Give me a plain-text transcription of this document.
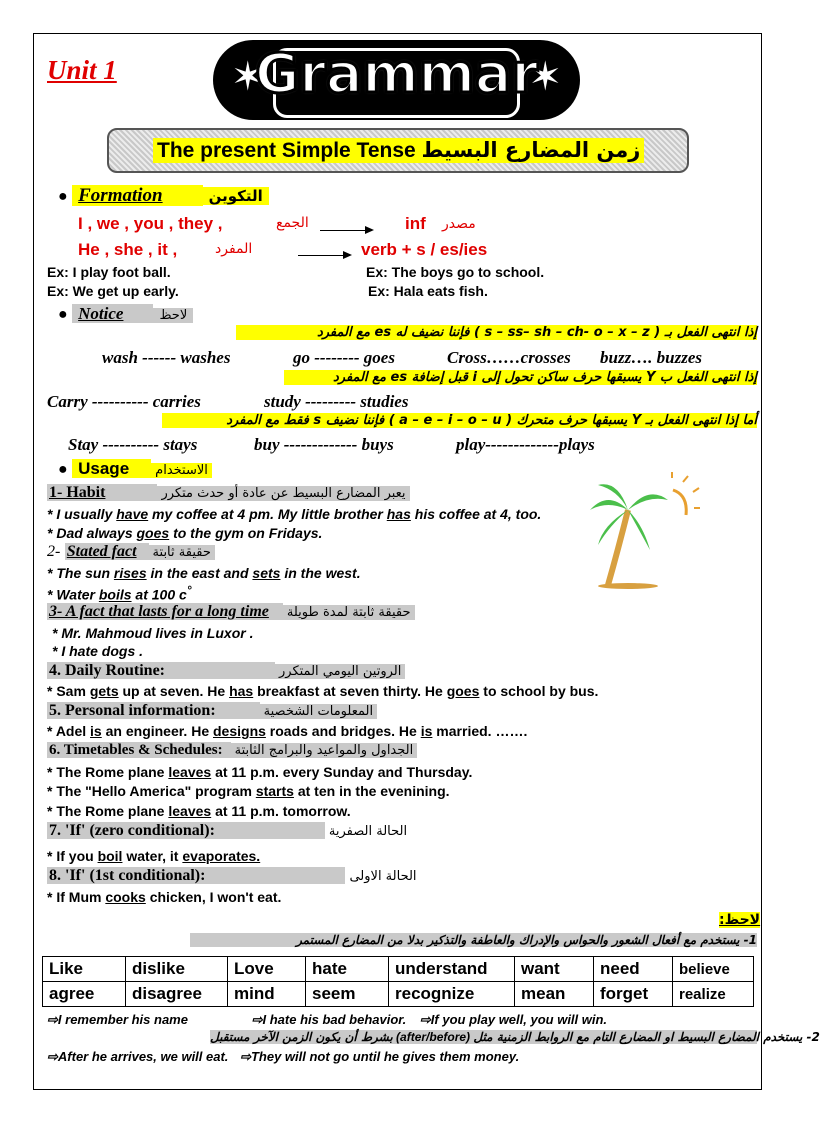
Unit 1	✶	✶
Grammar
The present Simple Tense زمن المضارع البسيط
● Formation	التكوين
I , we , you , they ,	الجمع	inf مصدر
He , she , it ,	المفرد	verb + s / es/ies
Ex: I play foot ball.	Ex: The boys go to school.
Ex: We get up early.	Ex: Hala eats fish.
● Notice	لاحظ
إذا انتهى الفعل بـ ( s – ss– sh – ch- o – x – z ) فإننا نضيف له es مع المفرد
wash ------ washes	go -------- goes	Cross……crosses buzz…. buzzes
إذا انتهى الفعل ب Y يسبقها حرف ساكن تحول إلى i قبل إضافة es مع المفرد
Carry ---------- carries	study --------- studies
أما إذا انتهى الفعل بـ Y يسبقها حرف متحرك ( a – e – i – o – u ) فإننا نضيف s فقط مع المفرد
Stay ---------- stays	buy ------------- buys	play-------------plays
● Usage الاستخدام
1- Habit	يعبر المضارع البسيط عن عادة أو حدث متكرر
* I usually have my coffee at 4 pm. My little brother has his coffee at 4, too.
* Dad always goes to the gym on Fridays.
2- Stated fact حقيقة ثابتة
* The sun rises in the east and sets in the west.
* Water boils at 100 c°
3- A fact that lasts for a long time حقيقة ثابتة لمدة طويلة
* Mr. Mahmoud lives in Luxor .
* I hate dogs .
4. Daily Routine:	الروتين اليومي المتكرر
* Sam gets up at seven. He has breakfast at seven thirty. He goes to school by bus.
5. Personal information:	المعلومات الشخصية
* Adel is an engineer. He designs roads and bridges. He is married. …….
6. Timetables & Schedules: الجداول والمواعيد والبرامج الثابتة
* The Rome plane leaves at 11 p.m. every Sunday and Thursday.
* The "Hello America" program starts at ten in the evenining.
* The Rome plane leaves at 11 p.m. tomorrow.
7. 'If' (zero conditional):	الحالة الصفرية
* If you boil water, it evaporates.
8. 'If' (1st conditional):	الحالة الاولى
* If Mum cooks chicken, I won't eat.
لاحظ:
1- يستخدم مع أفعال الشعور والحواس والإدراك والعاطفة والتذكير بدلا من المضارع المستمر
Like	dislike	Love	hate	understand	want	need	believe
agree	disagree	mind	seem	recognize	mean	forget	realize
⇨I remember his name	⇨I hate his bad behavior. ⇨If you play well, you will win.
بشرط أن يكون الزمن الآخر مستقبل (after/before) 2- يستخدم المضارع البسيط او المضارع التام مع الروابط الزمنية مثل
⇨After he arrives, we will eat. ⇨They will not go until he gives them money.
